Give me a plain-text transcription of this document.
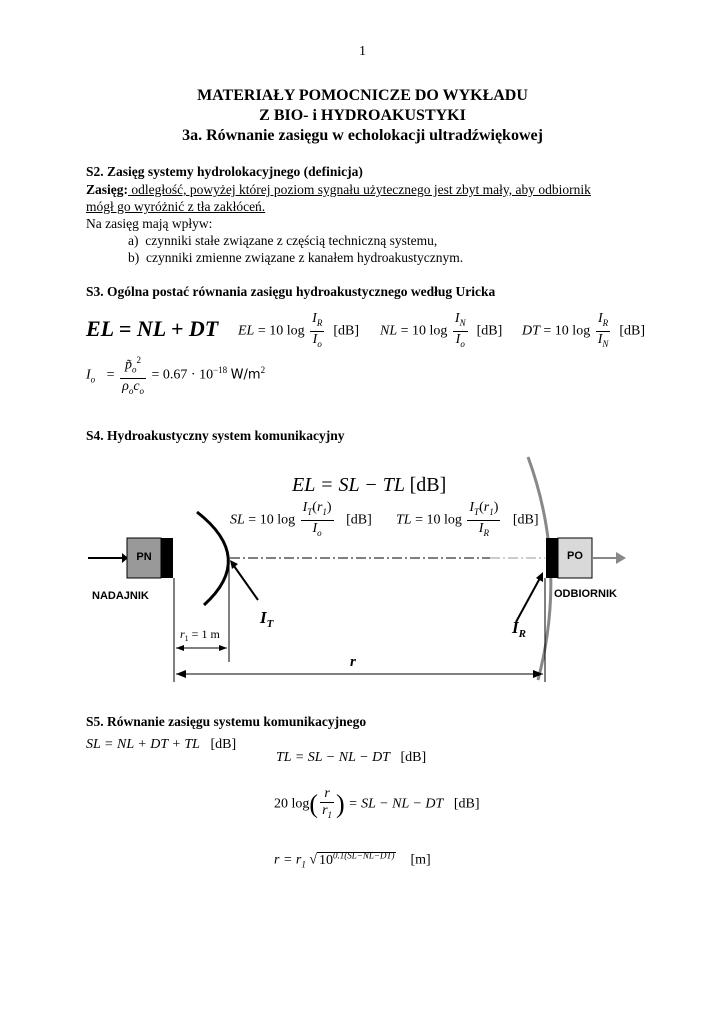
1
MATERIAŁY POMOCNICZE DO WYKŁADU
Z BIO- i HYDROAKUSTYKI
3a. Równanie zasięgu w echolokacji ultradźwiękowej
S2. Zasięg systemy hydrolokacyjnego (definicja)
Zasięg: odległość, powyżej której poziom sygnału użytecznego jest zbyt mały, aby odbiornik
mógł go wyróżnić z tła zakłóceń.
Na zasięg mają wpływ:
a) czynniki stałe związane z częścią techniczną systemu,
b) czynniki zmienne związane z kanałem hydroakustycznym.
S3. Ogólna postać równania zasięgu hydroakustycznego według Uricka
EL = NL + DT EL = 10 $\log \frac{I_R}{I_o} [dB]$ NL = 10 $\log \frac{I_N}{I_o} [dB]$ DT = 10 $\log \frac{I_R}{I_N} [dB]$
$I_o = \frac{p̃_o^2}{\rho_oc_o} = 0.67 \cdot 10^{-18}$ $W/m^2$
S4. Hydroakustyczny system komunikacyjny
EL = SL − TL [dB]
SL = 10 $\log \frac{I_T(r_1)}{I_o} [dB]$ TL = 10 $\log \frac{I_T(r_1)}{I_R} [dB]$
PN	PO
NADAJNIK	ODBIORNIK
$I_T$	$I_R$
$r_1 = 1$ m
r
S5. Równanie zasięgu systemu komunikacyjnego
SL = NL + DT + TL [dB]
TL = SL − NL − DT [dB]
20 $\log( \frac{r}{r_1}$ ) = SL − NL − DT [dB]
$r = r_1$ √ $10^{0.1(SL-NL-DT)}$ [m]
